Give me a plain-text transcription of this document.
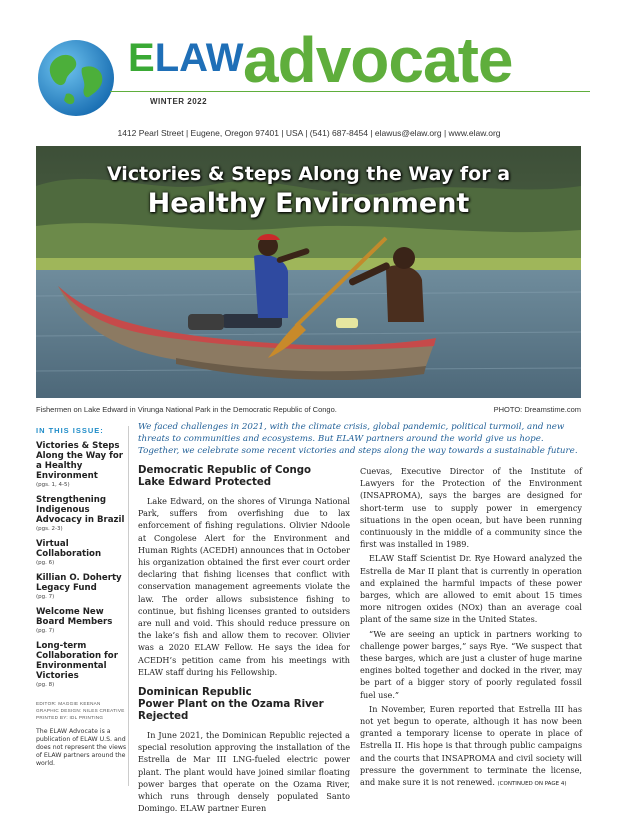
ELAW
WINTER 2022
advocate
1412 Pearl Street | Eugene, Oregon 97401 | USA | (541) 687-8454 | elawus@elaw.org | www.elaw.org
Victories & Steps Along the Way for a
Healthy Environment
Fishermen on Lake Edward in Virunga National Park in the Democratic Republic of Congo.	PHOTO: Dreamstime.com
IN THIS ISSUE:
Victories & Steps Along the Way for a Healthy Environment
(pgs. 1, 4-5)
Strengthening Indigenous Advocacy in Brazil
(pgs. 2-3)
Virtual Collaboration
(pg. 6)
Killian O. Doherty Legacy Fund
(pg. 7)
Welcome New Board Members
(pg. 7)
Long-term Collaboration for Environmental Victories
(pg. 8)
EDITOR: MAGGIE KEENAN
GRAPHIC DESIGN: NILES CREATIVE
PRINTED BY: IDL PRINTING
The ELAW Advocate is a publication of ELAW U.S. and does not represent the views of ELAW partners around the world.
We faced challenges in 2021, with the climate crisis, global pandemic, political turmoil, and new threats to communities and ecosystems. But ELAW partners around the world give us hope. Together, we celebrate some recent victories and steps along the way towards a sustainable future.
Democratic Republic of Congo
Lake Edward Protected

Lake Edward, on the shores of Virunga National Park, suffers from overfishing due to lax enforcement of fishing regulations. Olivier Ndoole at Congolese Alert for the Environment and Human Rights (ACEDH) announces that in October his organization obtained the first ever court order declaring that fishing licenses that conflict with conservation management agreements violate the law. The order allows subsistence fishing to continue, but fishing licenses granted to outsiders are null and void. This should reduce pressure on the lake’s fish and allow them to recover. Olivier was a 2020 ELAW Fellow. He says the idea for ACEDH’s petition came from his meetings with ELAW staff during his Fellowship.

Dominican Republic
Power Plant on the Ozama River Rejected

In June 2021, the Dominican Republic rejected a special resolution approving the installation of the Estrella de Mar III LNG-fueled electric power plant. The plant would have joined similar floating power barges that operate on the Ozama River, which runs through densely populated Santo Domingo. ELAW partner Euren

Cuevas, Executive Director of the Institute of Lawyers for the Protection of the Environment (INSAPROMA), says the barges are designed for short-term use to supply power in emergency situations in the open ocean, but have been running continuously in the middle of a community since the first was installed in 1989.

ELAW Staff Scientist Dr. Rye Howard analyzed the Estrella de Mar II plant that is currently in operation and explained the harmful impacts of these power barges, which are allowed to emit about 15 times more nitrogen oxides (NOx) than an average coal plant of the same size in the United States.

“We are seeing an uptick in partners working to challenge power barges,” says Rye. “We suspect that these barges, which are just a cluster of huge marine engines bolted together and docked in the river, may be part of a bigger story of poorly regulated fossil fuel use.”

In November, Euren reported that Estrella III has not yet begun to operate, although it has now been granted a temporary license to operate in place of Estrella II. His hope is that through public campaigns and the courts that INSAPROMA and civil society will pressure the government to terminate the license, and make sure it is not renewed. (CONTINUED ON PAGE 4)
